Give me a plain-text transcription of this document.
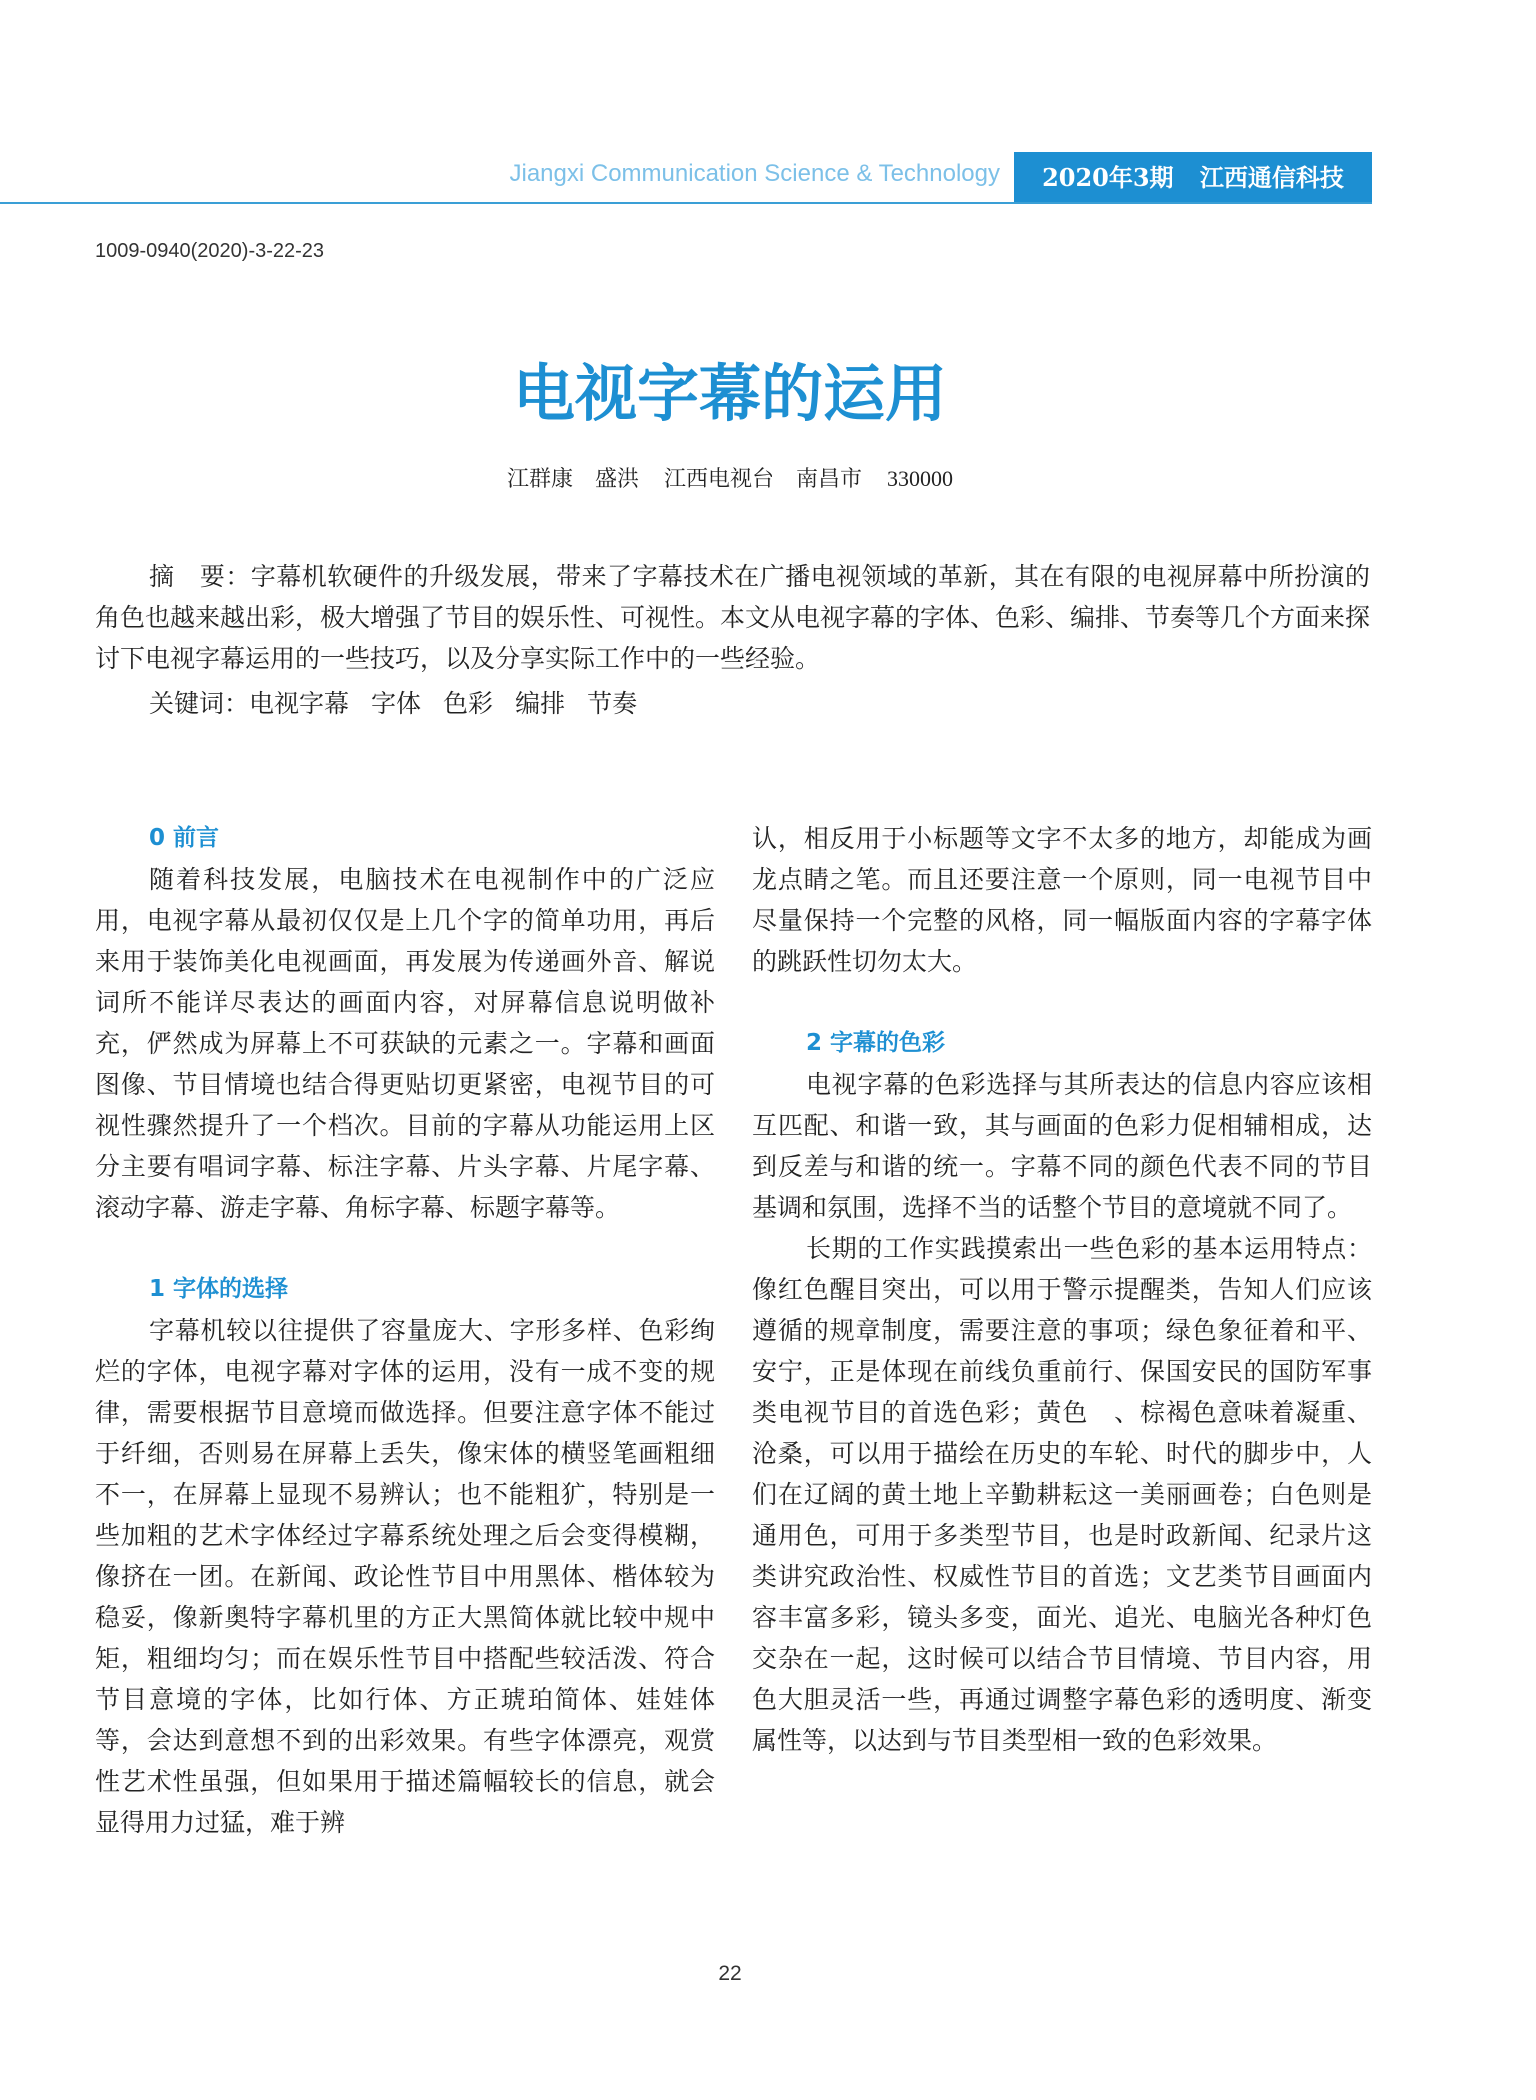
Jiangxi Communication Science & Technology	2020年3期 江西通信科技
1009-0940(2020)-3-22-23
电视字幕的运用
江群康　盛洪 江西电视台　南昌市 330000

摘　要：字幕机软硬件的升级发展，带来了字幕技术在广播电视领域的革新，其在有限的电视屏幕中所扮演的角色也越来越出彩，极大增强了节目的娱乐性、可视性。本文从电视字幕的字体、色彩、编排、节奏等几个方面来探讨下电视字幕运用的一些技巧，以及分享实际工作中的一些经验。

关键词：电视字幕 字体 色彩 编排 节奏
0 前言

随着科技发展，电脑技术在电视制作中的广泛应用，电视字幕从最初仅仅是上几个字的简单功用，再后来用于装饰美化电视画面，再发展为传递画外音、解说词所不能详尽表达的画面内容，对屏幕信息说明做补充，俨然成为屏幕上不可获缺的元素之一。字幕和画面图像、节目情境也结合得更贴切更紧密，电视节目的可视性骤然提升了一个档次。目前的字幕从功能运用上区分主要有唱词字幕、标注字幕、片头字幕、片尾字幕、滚动字幕、游走字幕、角标字幕、标题字幕等。

1 字体的选择

字幕机较以往提供了容量庞大、字形多样、色彩绚烂的字体，电视字幕对字体的运用，没有一成不变的规律，需要根据节目意境而做选择。但要注意字体不能过于纤细，否则易在屏幕上丢失，像宋体的横竖笔画粗细不一，在屏幕上显现不易辨认；也不能粗犷，特别是一些加粗的艺术字体经过字幕系统处理之后会变得模糊，像挤在一团。在新闻、政论性节目中用黑体、楷体较为稳妥，像新奥特字幕机里的方正大黑简体就比较中规中矩，粗细均匀；而在娱乐性节目中搭配些较活泼、符合节目意境的字体，比如行体、方正琥珀简体、娃娃体等，会达到意想不到的出彩效果。有些字体漂亮，观赏性艺术性虽强，但如果用于描述篇幅较长的信息，就会显得用力过猛，难于辨

认，相反用于小标题等文字不太多的地方，却能成为画龙点睛之笔。而且还要注意一个原则，同一电视节目中尽量保持一个完整的风格，同一幅版面内容的字幕字体的跳跃性切勿太大。

2 字幕的色彩

电视字幕的色彩选择与其所表达的信息内容应该相互匹配、和谐一致，其与画面的色彩力促相辅相成，达到反差与和谐的统一。字幕不同的颜色代表不同的节目基调和氛围，选择不当的话整个节目的意境就不同了。

长期的工作实践摸索出一些色彩的基本运用特点：像红色醒目突出，可以用于警示提醒类，告知人们应该遵循的规章制度，需要注意的事项；绿色象征着和平、安宁，正是体现在前线负重前行、保国安民的国防军事类电视节目的首选色彩；黄色　、棕褐色意味着凝重、沧桑，可以用于描绘在历史的车轮、时代的脚步中，人们在辽阔的黄土地上辛勤耕耘这一美丽画卷；白色则是通用色，可用于多类型节目，也是时政新闻、纪录片这类讲究政治性、权威性节目的首选；文艺类节目画面内容丰富多彩，镜头多变，面光、追光、电脑光各种灯色交杂在一起，这时候可以结合节目情境、节目内容，用色大胆灵活一些，再通过调整字幕色彩的透明度、渐变属性等，以达到与节目类型相一致的色彩效果。

22
